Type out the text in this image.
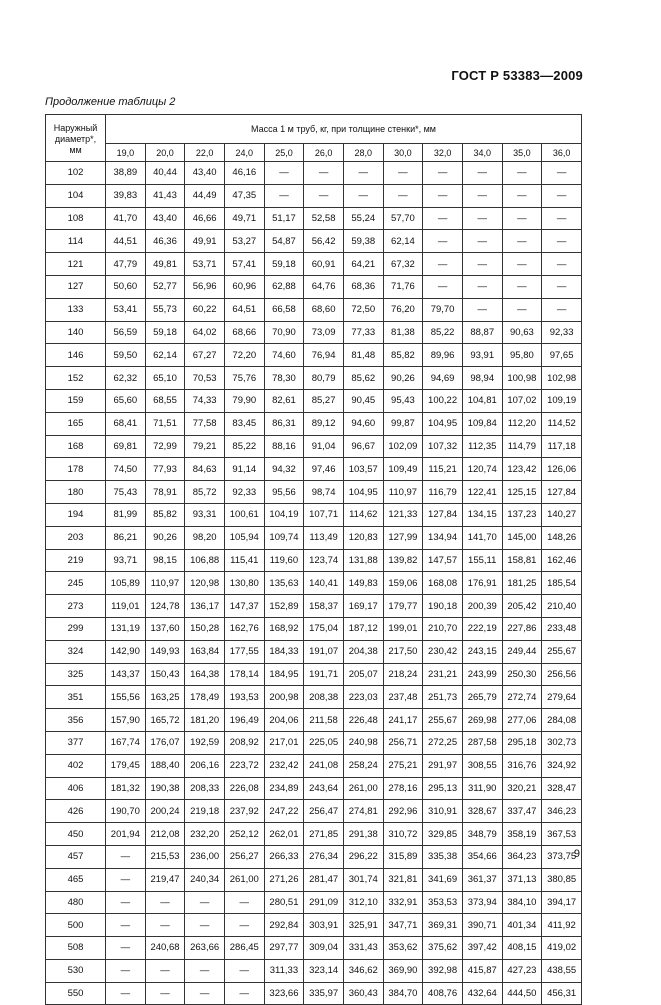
ГОСТ Р 53383—2009
Продолжение таблицы 2
Наружный
диаметр*,
мм	Масса 1 м труб, кг, при толщине стенки*, мм											
	19,0	20,0	22,0	24,0	25,0	26,0	28,0	30,0	32,0	34,0	35,0	36,0
102	38,89	40,44	43,40	46,16	—	—	—	—	—	—	—	—
104	39,83	41,43	44,49	47,35	—	—	—	—	—	—	—	—
108	41,70	43,40	46,66	49,71	51,17	52,58	55,24	57,70	—	—	—	—
114	44,51	46,36	49,91	53,27	54,87	56,42	59,38	62,14	—	—	—	—
121	47,79	49,81	53,71	57,41	59,18	60,91	64,21	67,32	—	—	—	—
127	50,60	52,77	56,96	60,96	62,88	64,76	68,36	71,76	—	—	—	—
133	53,41	55,73	60,22	64,51	66,58	68,60	72,50	76,20	79,70	—	—	—
140	56,59	59,18	64,02	68,66	70,90	73,09	77,33	81,38	85,22	88,87	90,63	92,33
146	59,50	62,14	67,27	72,20	74,60	76,94	81,48	85,82	89,96	93,91	95,80	97,65
152	62,32	65,10	70,53	75,76	78,30	80,79	85,62	90,26	94,69	98,94	100,98	102,98
159	65,60	68,55	74,33	79,90	82,61	85,27	90,45	95,43	100,22	104,81	107,02	109,19
165	68,41	71,51	77,58	83,45	86,31	89,12	94,60	99,87	104,95	109,84	112,20	114,52
168	69,81	72,99	79,21	85,22	88,16	91,04	96,67	102,09	107,32	112,35	114,79	117,18
178	74,50	77,93	84,63	91,14	94,32	97,46	103,57	109,49	115,21	120,74	123,42	126,06
180	75,43	78,91	85,72	92,33	95,56	98,74	104,95	110,97	116,79	122,41	125,15	127,84
194	81,99	85,82	93,31	100,61	104,19	107,71	114,62	121,33	127,84	134,15	137,23	140,27
203	86,21	90,26	98,20	105,94	109,74	113,49	120,83	127,99	134,94	141,70	145,00	148,26
219	93,71	98,15	106,88	115,41	119,60	123,74	131,88	139,82	147,57	155,11	158,81	162,46
245	105,89	110,97	120,98	130,80	135,63	140,41	149,83	159,06	168,08	176,91	181,25	185,54
273	119,01	124,78	136,17	147,37	152,89	158,37	169,17	179,77	190,18	200,39	205,42	210,40
299	131,19	137,60	150,28	162,76	168,92	175,04	187,12	199,01	210,70	222,19	227,86	233,48
324	142,90	149,93	163,84	177,55	184,33	191,07	204,38	217,50	230,42	243,15	249,44	255,67
325	143,37	150,43	164,38	178,14	184,95	191,71	205,07	218,24	231,21	243,99	250,30	256,56
351	155,56	163,25	178,49	193,53	200,98	208,38	223,03	237,48	251,73	265,79	272,74	279,64
356	157,90	165,72	181,20	196,49	204,06	211,58	226,48	241,17	255,67	269,98	277,06	284,08
377	167,74	176,07	192,59	208,92	217,01	225,05	240,98	256,71	272,25	287,58	295,18	302,73
402	179,45	188,40	206,16	223,72	232,42	241,08	258,24	275,21	291,97	308,55	316,76	324,92
406	181,32	190,38	208,33	226,08	234,89	243,64	261,00	278,16	295,13	311,90	320,21	328,47
426	190,70	200,24	219,18	237,92	247,22	256,47	274,81	292,96	310,91	328,67	337,47	346,23
450	201,94	212,08	232,20	252,12	262,01	271,85	291,38	310,72	329,85	348,79	358,19	367,53
457	—	215,53	236,00	256,27	266,33	276,34	296,22	315,89	335,38	354,66	364,23	373,75
465	—	219,47	240,34	261,00	271,26	281,47	301,74	321,81	341,69	361,37	371,13	380,85
480	—	—	—	—	280,51	291,09	312,10	332,91	353,53	373,94	384,10	394,17
500	—	—	—	—	292,84	303,91	325,91	347,71	369,31	390,71	401,34	411,92
508	—	240,68	263,66	286,45	297,77	309,04	331,43	353,62	375,62	397,42	408,15	419,02
530	—	—	—	—	311,33	323,14	346,62	369,90	392,98	415,87	427,23	438,55
550	—	—	—	—	323,66	335,97	360,43	384,70	408,76	432,64	444,50	456,31
9
